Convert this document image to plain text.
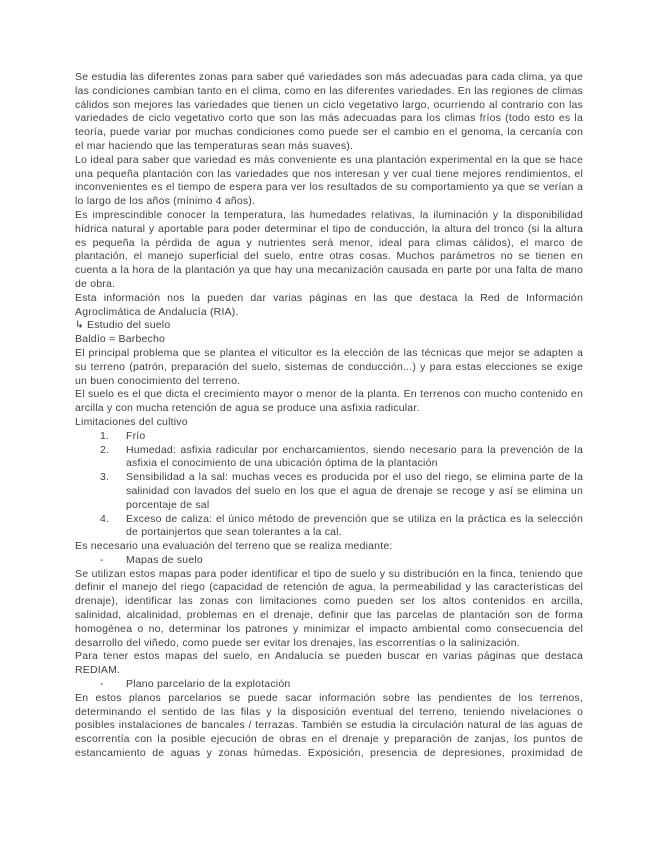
Se estudia las diferentes zonas para saber qué variedades son más adecuadas para cada clima, ya que las condiciones cambian tanto en el clima, como en las diferentes variedades. En las regiones de climas cálidos son mejores las variedades que tienen un ciclo vegetativo largo, ocurriendo al contrario con las variedades de ciclo vegetativo corto que son las más adecuadas para los climas fríos (todo esto es la teoría, puede variar por muchas condiciones como puede ser el cambio en el genoma, la cercanía con el mar haciendo que las temperaturas sean más suaves).

Lo ideal para saber que variedad es más conveniente es una plantación experimental en la que se hace una pequeña plantación con las variedades que nos interesan y ver cual tiene mejores rendimientos, el inconvenientes es el tiempo de espera para ver los resultados de su comportamiento ya que se verían a lo largo de los años (mínimo 4 años).

Es imprescindible conocer la temperatura, las humedades relativas, la iluminación y la disponibilidad hídrica natural y aportable para poder determinar el tipo de conducción, la altura del tronco (si la altura es pequeña la pérdida de agua y nutrientes será menor, ideal para climas cálidos), el marco de plantación, el manejo superficial del suelo, entre otras cosas. Muchos parámetros no se tienen en cuenta a la hora de la plantación ya que hay una mecanización causada en parte por una falta de mano de obra.

Esta información nos la pueden dar varias páginas en las que destaca la Red de Información Agroclimática de Andalucía (RIA).

↳ Estudio del suelo

Baldío = Barbecho

El principal problema que se plantea el viticultor es la elección de las técnicas que mejor se adapten a su terreno (patrón, preparación del suelo, sistemas de conducción...) y para estas elecciones se exige un buen conocimiento del terreno.

El suelo es el que dicta el crecimiento mayor o menor de la planta. En terrenos con mucho contenido en arcilla y con mucha retención de agua se produce una asfixia radicular.

Limitaciones del cultivo

1.	Frío
2.	Humedad: asfixia radicular por encharcamientos, siendo necesario para la prevención de la asfixia el conocimiento de una ubicación óptima de la plantación
3.	Sensibilidad a la sal: muchas veces es producida por el uso del riego, se elimina parte de la salinidad con lavados del suelo en los que el agua de drenaje se recoge y así se elimina un porcentaje de sal
4.	Exceso de caliza: el único método de prevención que se utiliza en la práctica es la selección de portainjertos que sean tolerantes a la cal.

Es necesario una evaluación del terreno que se realiza mediante:

-	Mapas de suelo

Se utilizan estos mapas para poder identificar el tipo de suelo y su distribución en la finca, teniendo que definir el manejo del riego (capacidad de retención de agua, la permeabilidad y las características del drenaje), identificar las zonas con limitaciones como pueden ser los altos contenidos en arcilla, salinidad, alcalinidad, problemas en el drenaje, definir que las parcelas de plantación son de forma homogénea o no, determinar los patrones y minimizar el impacto ambiental como consecuencia del desarrollo del viñedo, como puede ser evitar los drenajes, las escorrentías o la salinización.

Para tener estos mapas del suelo, en Andalucía se pueden buscar en varias páginas que destaca REDIAM.

-	Plano parcelario de la explotación

En estos planos parcelarios se puede sacar información sobre las pendientes de los terrenos, determinando el sentido de las filas y la disposición eventual del terreno, teniendo nivelaciones o posibles instalaciones de bancales / terrazas. También se estudia la circulación natural de las aguas de escorrentía con la posible ejecución de obras en el drenaje y preparación de zanjas, los puntos de estancamiento de aguas y zonas húmedas. Exposición, presencia de depresiones, proximidad de
